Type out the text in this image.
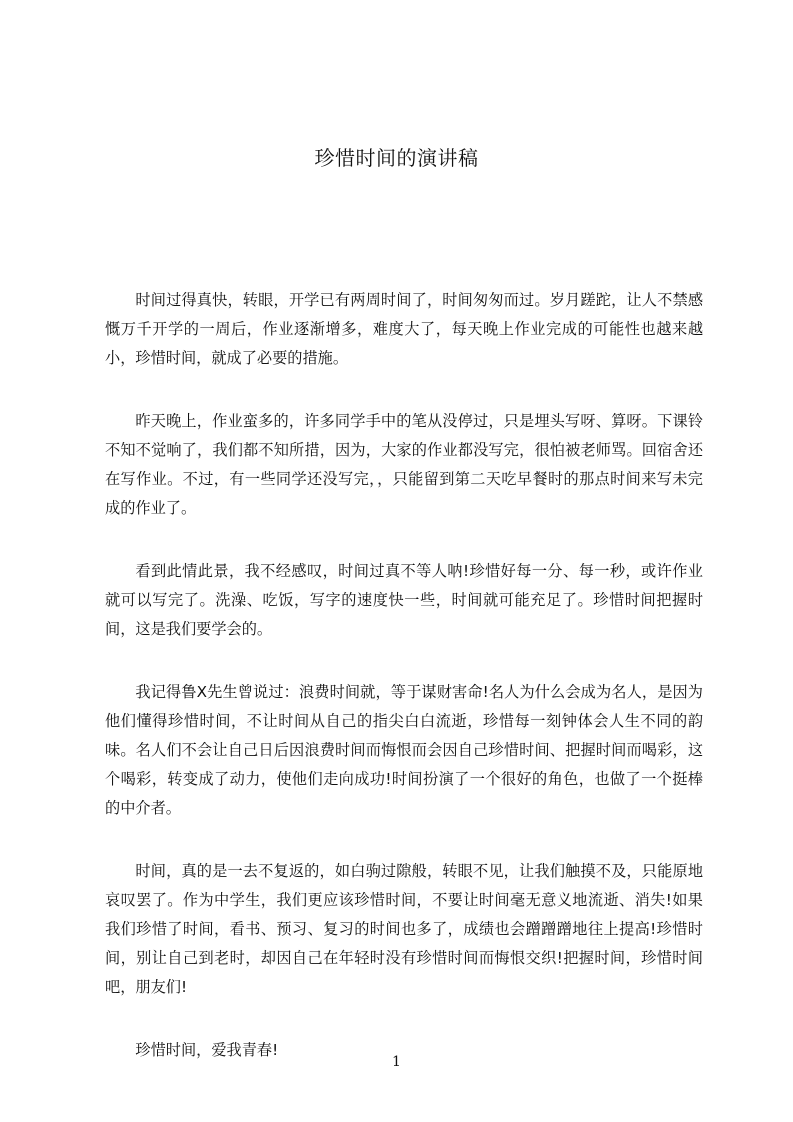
珍惜时间的演讲稿

时间过得真快，转眼，开学已有两周时间了，时间匆匆而过。岁月蹉跎，让人不禁感慨万千开学的一周后，作业逐渐增多，难度大了，每天晚上作业完成的可能性也越来越小，珍惜时间，就成了必要的措施。

昨天晚上，作业蛮多的，许多同学手中的笔从没停过，只是埋头写呀、算呀。下课铃不知不觉响了，我们都不知所措，因为，大家的作业都没写完，很怕被老师骂。回宿舍还在写作业。不过，有一些同学还没写完，，只能留到第二天吃早餐时的那点时间来写未完成的作业了。

看到此情此景，我不经感叹，时间过真不等人呐!珍惜好每一分、每一秒，或许作业就可以写完了。洗澡、吃饭，写字的速度快一些，时间就可能充足了。珍惜时间把握时间，这是我们要学会的。

我记得鲁X先生曾说过：浪费时间就，等于谋财害命!名人为什么会成为名人，是因为他们懂得珍惜时间，不让时间从自己的指尖白白流逝，珍惜每一刻钟体会人生不同的韵味。名人们不会让自己日后因浪费时间而悔恨而会因自己珍惜时间、把握时间而喝彩，这个喝彩，转变成了动力，使他们走向成功!时间扮演了一个很好的角色，也做了一个挺棒的中介者。

时间，真的是一去不复返的，如白驹过隙般，转眼不见，让我们触摸不及，只能原地哀叹罢了。作为中学生，我们更应该珍惜时间，不要让时间毫无意义地流逝、消失!如果我们珍惜了时间，看书、预习、复习的时间也多了，成绩也会蹭蹭蹭地往上提高!珍惜时间，别让自己到老时，却因自己在年轻时没有珍惜时间而悔恨交织!把握时间，珍惜时间吧，朋友们!

珍惜时间，爱我青春!

1
